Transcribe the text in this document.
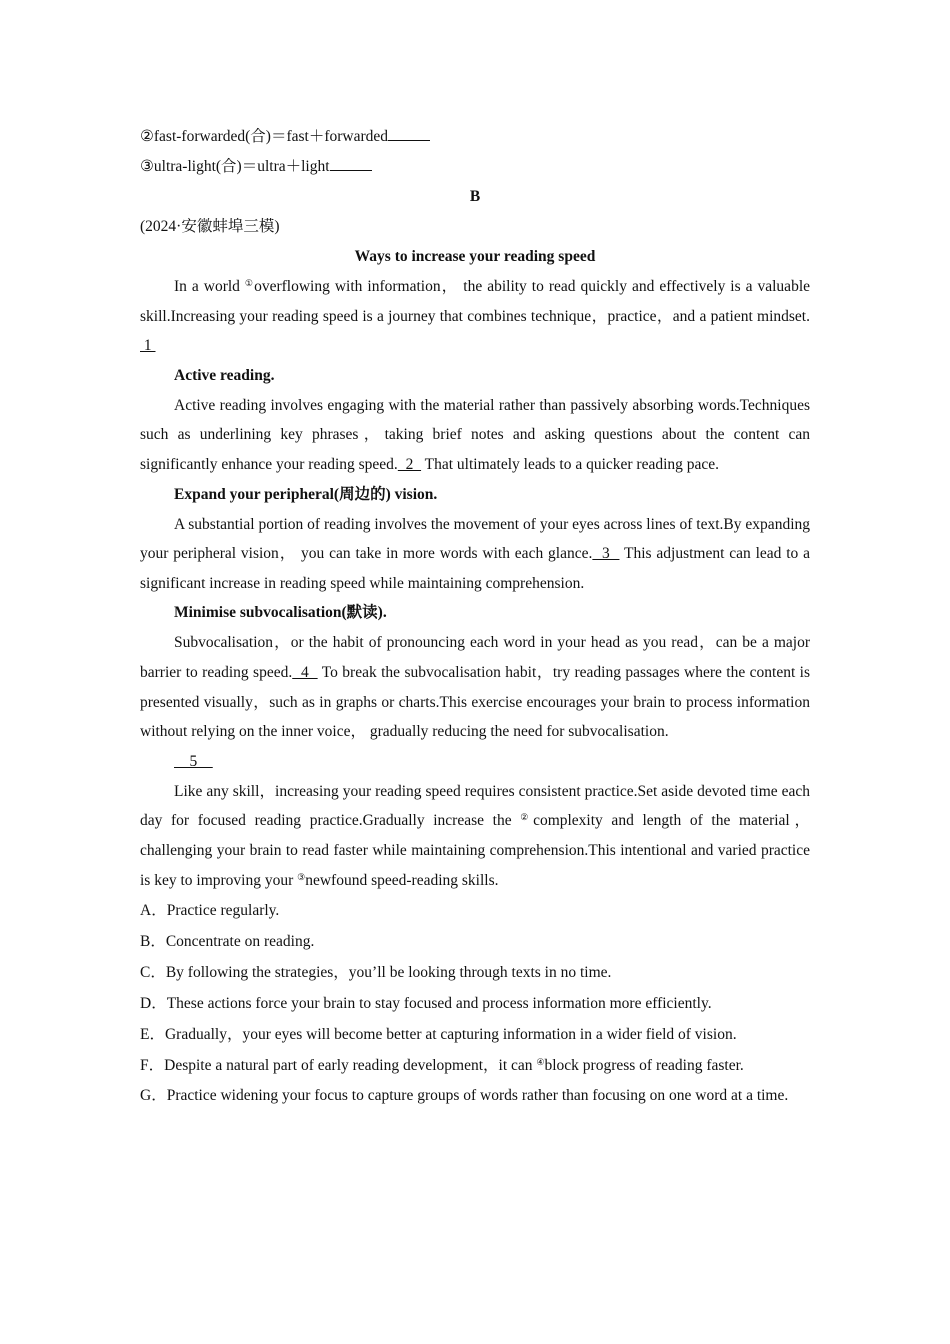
②fast-forwarded(合)＝fast＋forwarded
③ultra-light(合)＝ultra＋light
B
(2024·安徽蚌埠三模)
Ways to increase your reading speed

In a world ①overflowing with information， the ability to read quickly and effectively is a valuable skill.Increasing your reading speed is a journey that combines technique，practice，and a patient mindset. 1

Active reading.

Active reading involves engaging with the material rather than passively absorbing words.Techniques such as underlining key phrases，taking brief notes and asking questions about the content can significantly enhance your reading speed.  2   That ultimately leads to a quicker reading pace.

Expand your peripheral(周边的) vision.

A substantial portion of reading involves the movement of your eyes across lines of text.By expanding your peripheral vision， you can take in more words with each glance.  3   This adjustment can lead to a significant increase in reading speed while maintaining comprehension.

Minimise subvocalisation(默读).

Subvocalisation，or the habit of pronouncing each word in your head as you read，can be a major barrier to reading speed.  4   To break the subvocalisation habit，try reading passages where the content is presented visually，such as in graphs or charts.This exercise encourages your brain to process information without relying on the inner voice， gradually reducing the need for subvocalisation.

5

Like any skill，increasing your reading speed requires consistent practice.Set aside devoted time each day for focused reading practice.Gradually increase the ②complexity and length of the material，challenging your brain to read faster while maintaining comprehension.This intentional and varied practice is key to improving your ③newfound speed-reading skills.

A．Practice regularly.
B．Concentrate on reading.
C．By following the strategies，you’ll be looking through texts in no time.
D．These actions force your brain to stay focused and process information more efficiently.
E．Gradually，your eyes will become better at capturing information in a wider field of vision.
F．Despite a natural part of early reading development，it can ④block progress of reading faster.
G．Practice widening your focus to capture groups of words rather than focusing on one word at a time.
